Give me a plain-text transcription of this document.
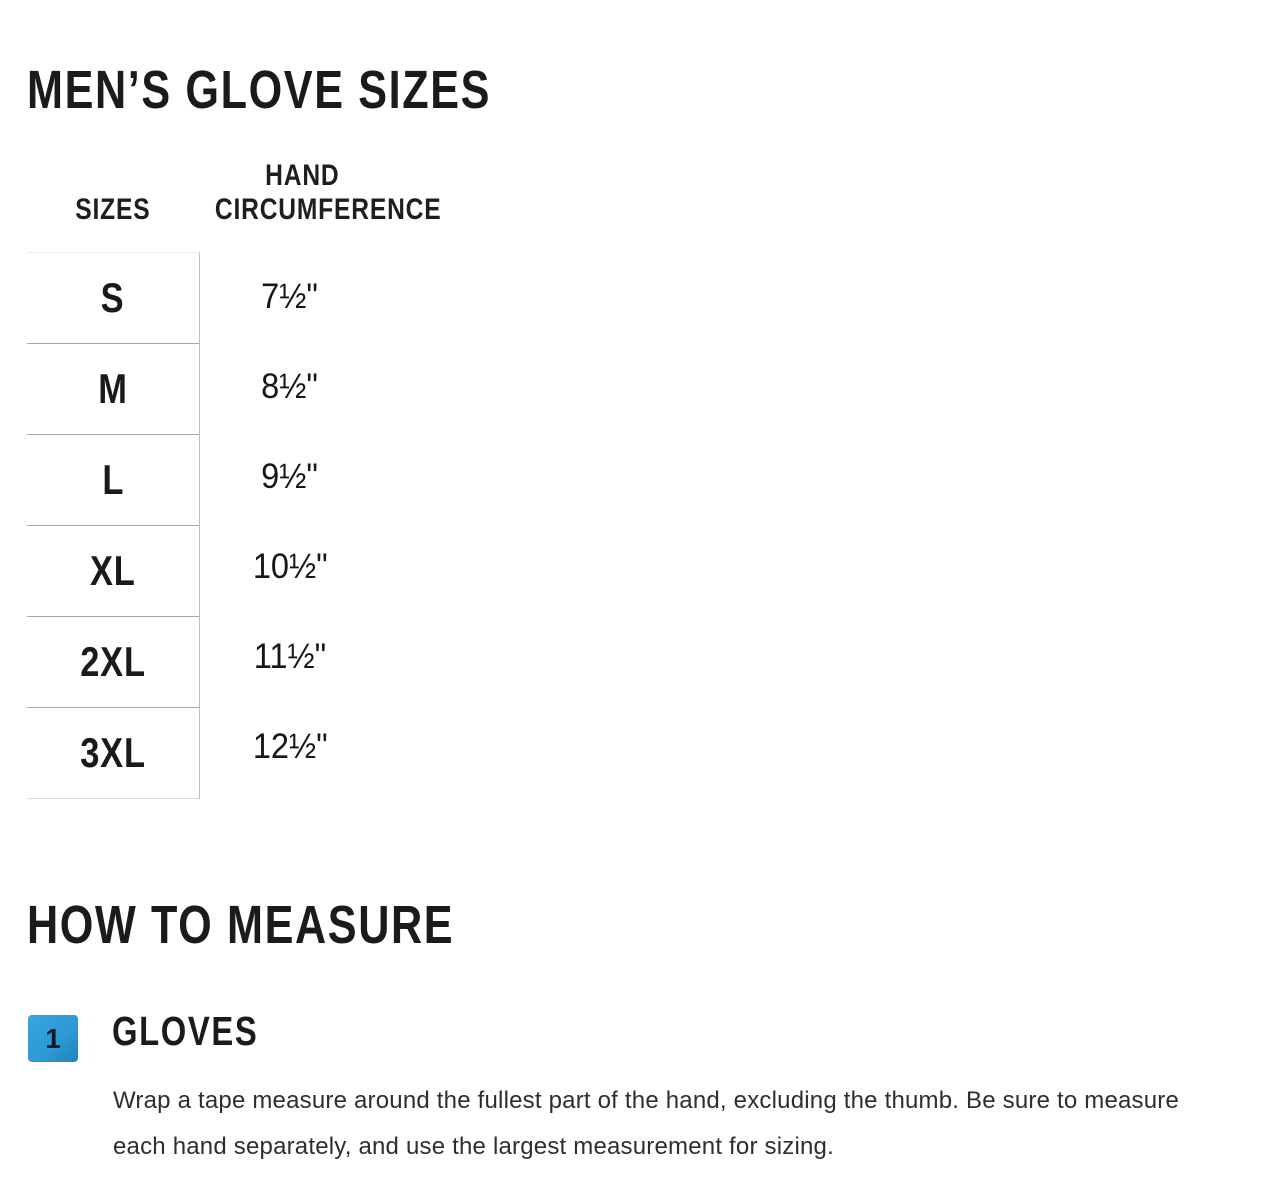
MEN’S GLOVE SIZES
HAND
CIRCUMFERENCE
SIZES
S
M
L
XL
2XL
3XL
7½"
8½"
9½"
10½"
11½"
12½"
HOW TO MEASURE
1 GLOVES
Wrap a tape measure around the fullest part of the hand, excluding the thumb. Be sure to measure
each hand separately, and use the largest measurement for sizing.
